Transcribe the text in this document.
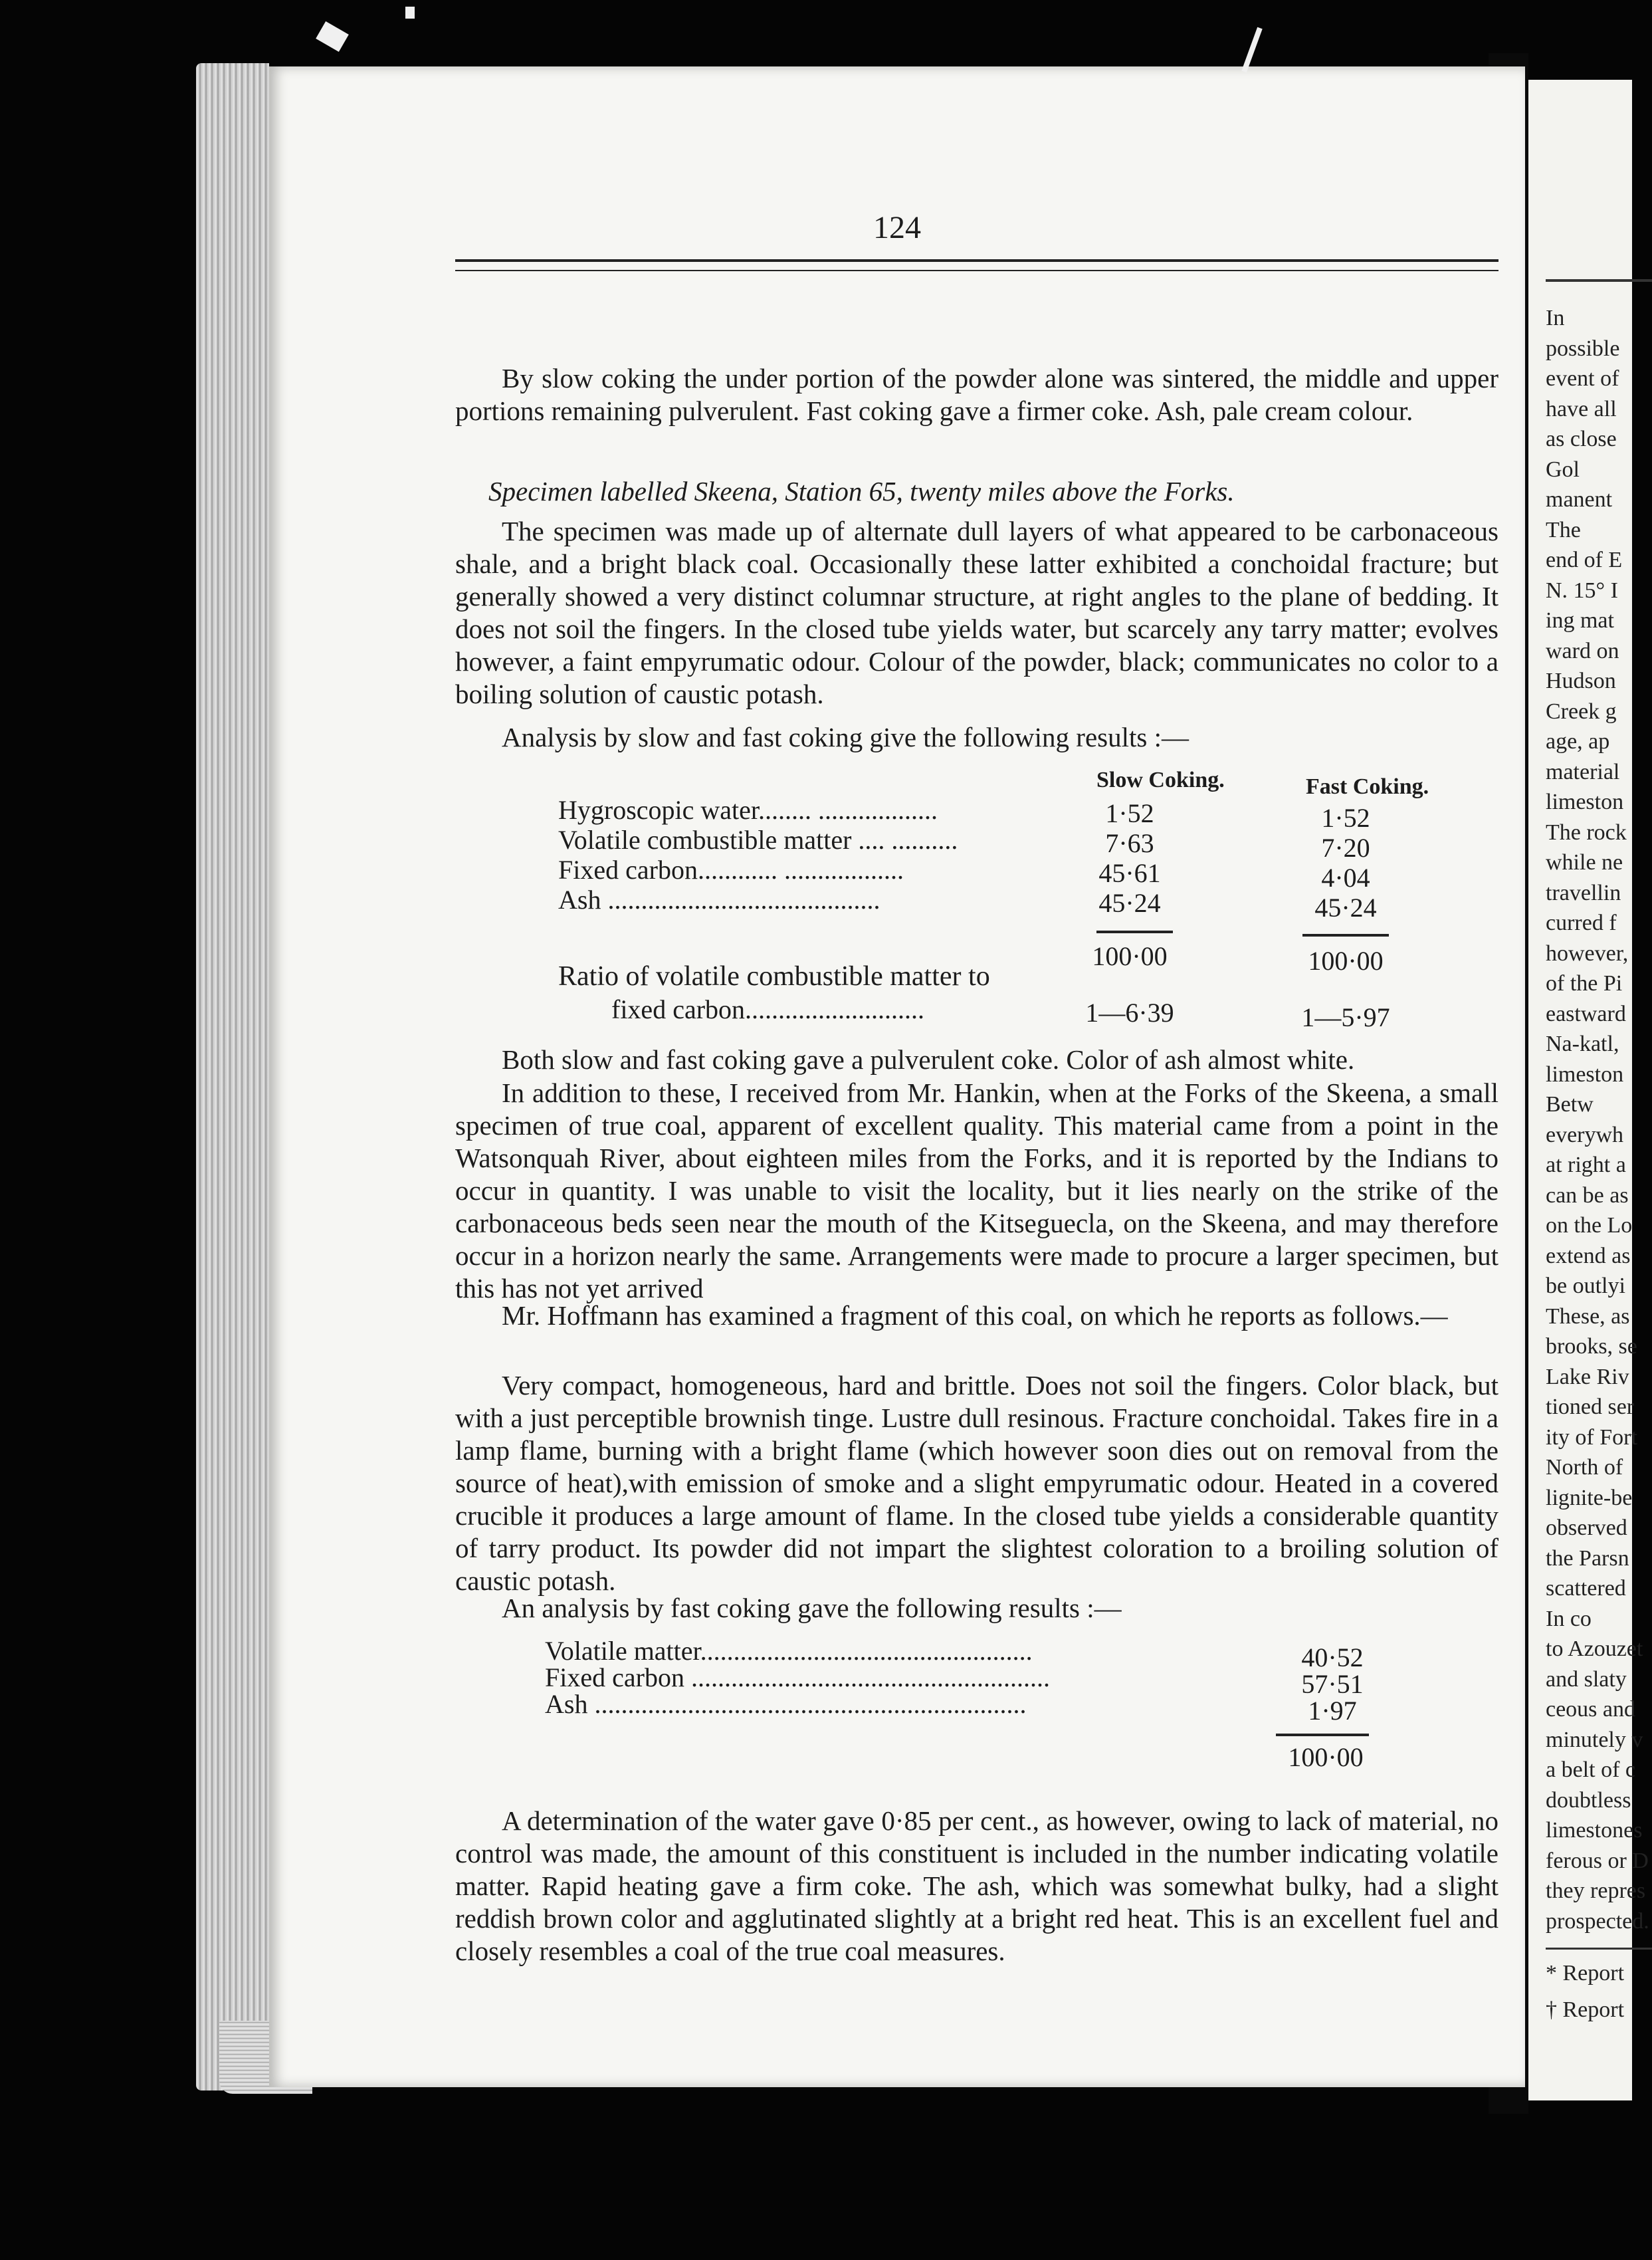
124
By slow coking the under portion of the powder alone was sintered, the middle and upper portions remaining pulverulent. Fast coking gave a firmer coke. Ash, pale cream colour.
Specimen labelled Skeena, Station 65, twenty miles above the Forks.
The specimen was made up of alternate dull layers of what appeared to be carbonaceous shale, and a bright black coal. Occasionally these latter exhibited a conchoidal fracture; but generally showed a very distinct columnar structure, at right angles to the plane of bedding. It does not soil the fingers. In the closed tube yields water, but scarcely any tarry matter; evolves however, a faint empyrumatic odour. Colour of the powder, black; communicates no color to a boiling solution of caustic potash.
Analysis by slow and fast coking give the following results :—
Slow Coking.	Fast Coking.
Hygroscopic water........ ..................	1·52	1·52
Volatile combustible matter .... ..........	7·63	7·20
Fixed carbon............ ..................	45·61	4·04
Ash .........................................	45·24	45·24
100·00	100·00
Ratio of volatile combustible matter to
fixed carbon...........................	1—6·39	1—5·97
Both slow and fast coking gave a pulverulent coke. Color of ash almost white.
In addition to these, I received from Mr. Hankin, when at the Forks of the Skeena, a small specimen of true coal, apparent of excellent quality. This material came from a point in the Watsonquah River, about eighteen miles from the Forks, and it is reported by the Indians to occur in quantity. I was unable to visit the locality, but it lies nearly on the strike of the carbonaceous beds seen near the mouth of the Kitseguecla, on the Skeena, and may therefore occur in a horizon nearly the same. Arrangements were made to procure a larger specimen, but this has not yet arrived
Mr. Hoffmann has examined a fragment of this coal, on which he reports as follows.—
Very compact, homogeneous, hard and brittle. Does not soil the fingers. Color black, but with a just perceptible brownish tinge. Lustre dull resinous. Fracture conchoidal. Takes fire in a lamp flame, burning with a bright flame (which however soon dies out on removal from the source of heat),with emission of smoke and a slight empyrumatic odour. Heated in a covered crucible it produces a large amount of flame. In the closed tube yields a considerable quantity of tarry product. Its powder did not impart the slightest coloration to a broiling solution of caustic potash.
An analysis by fast coking gave the following results :—
Volatile matter..................................................	40·52
Fixed carbon ......................................................	57·51
Ash .................................................................	1·97
100·00
A determination of the water gave 0·85 per cent., as however, owing to lack of material, no control was made, the amount of this constituent is included in the number indicating volatile matter. Rapid heating gave a firm coke. The ash, which was somewhat bulky, had a slight reddish brown color and agglutinated slightly at a bright red heat. This is an excellent fuel and closely resembles a coal of the true coal measures.
In
possible
event of
have all
as close
Gol
manent
The
end of E
N. 15° I
ing mat
ward on
Hudson
Creek g
age, ap
material
limeston
The rock
while ne
travellin
curred f
however,
of the Pi
eastward
Na-katl,
limeston
Betw
everywh
at right a
can be as
on the Lo
extend as
be outlyi
These, as
brooks, se
Lake Riv
tioned ser
ity of Fort
North of
lignite-be
observed
the Parsn
scattered
In co
to Azouzet
and slaty
ceous and
minutely v
a belt of c
doubtless
limestones
ferous or D
they repres
prospected.
* Report
† Report
